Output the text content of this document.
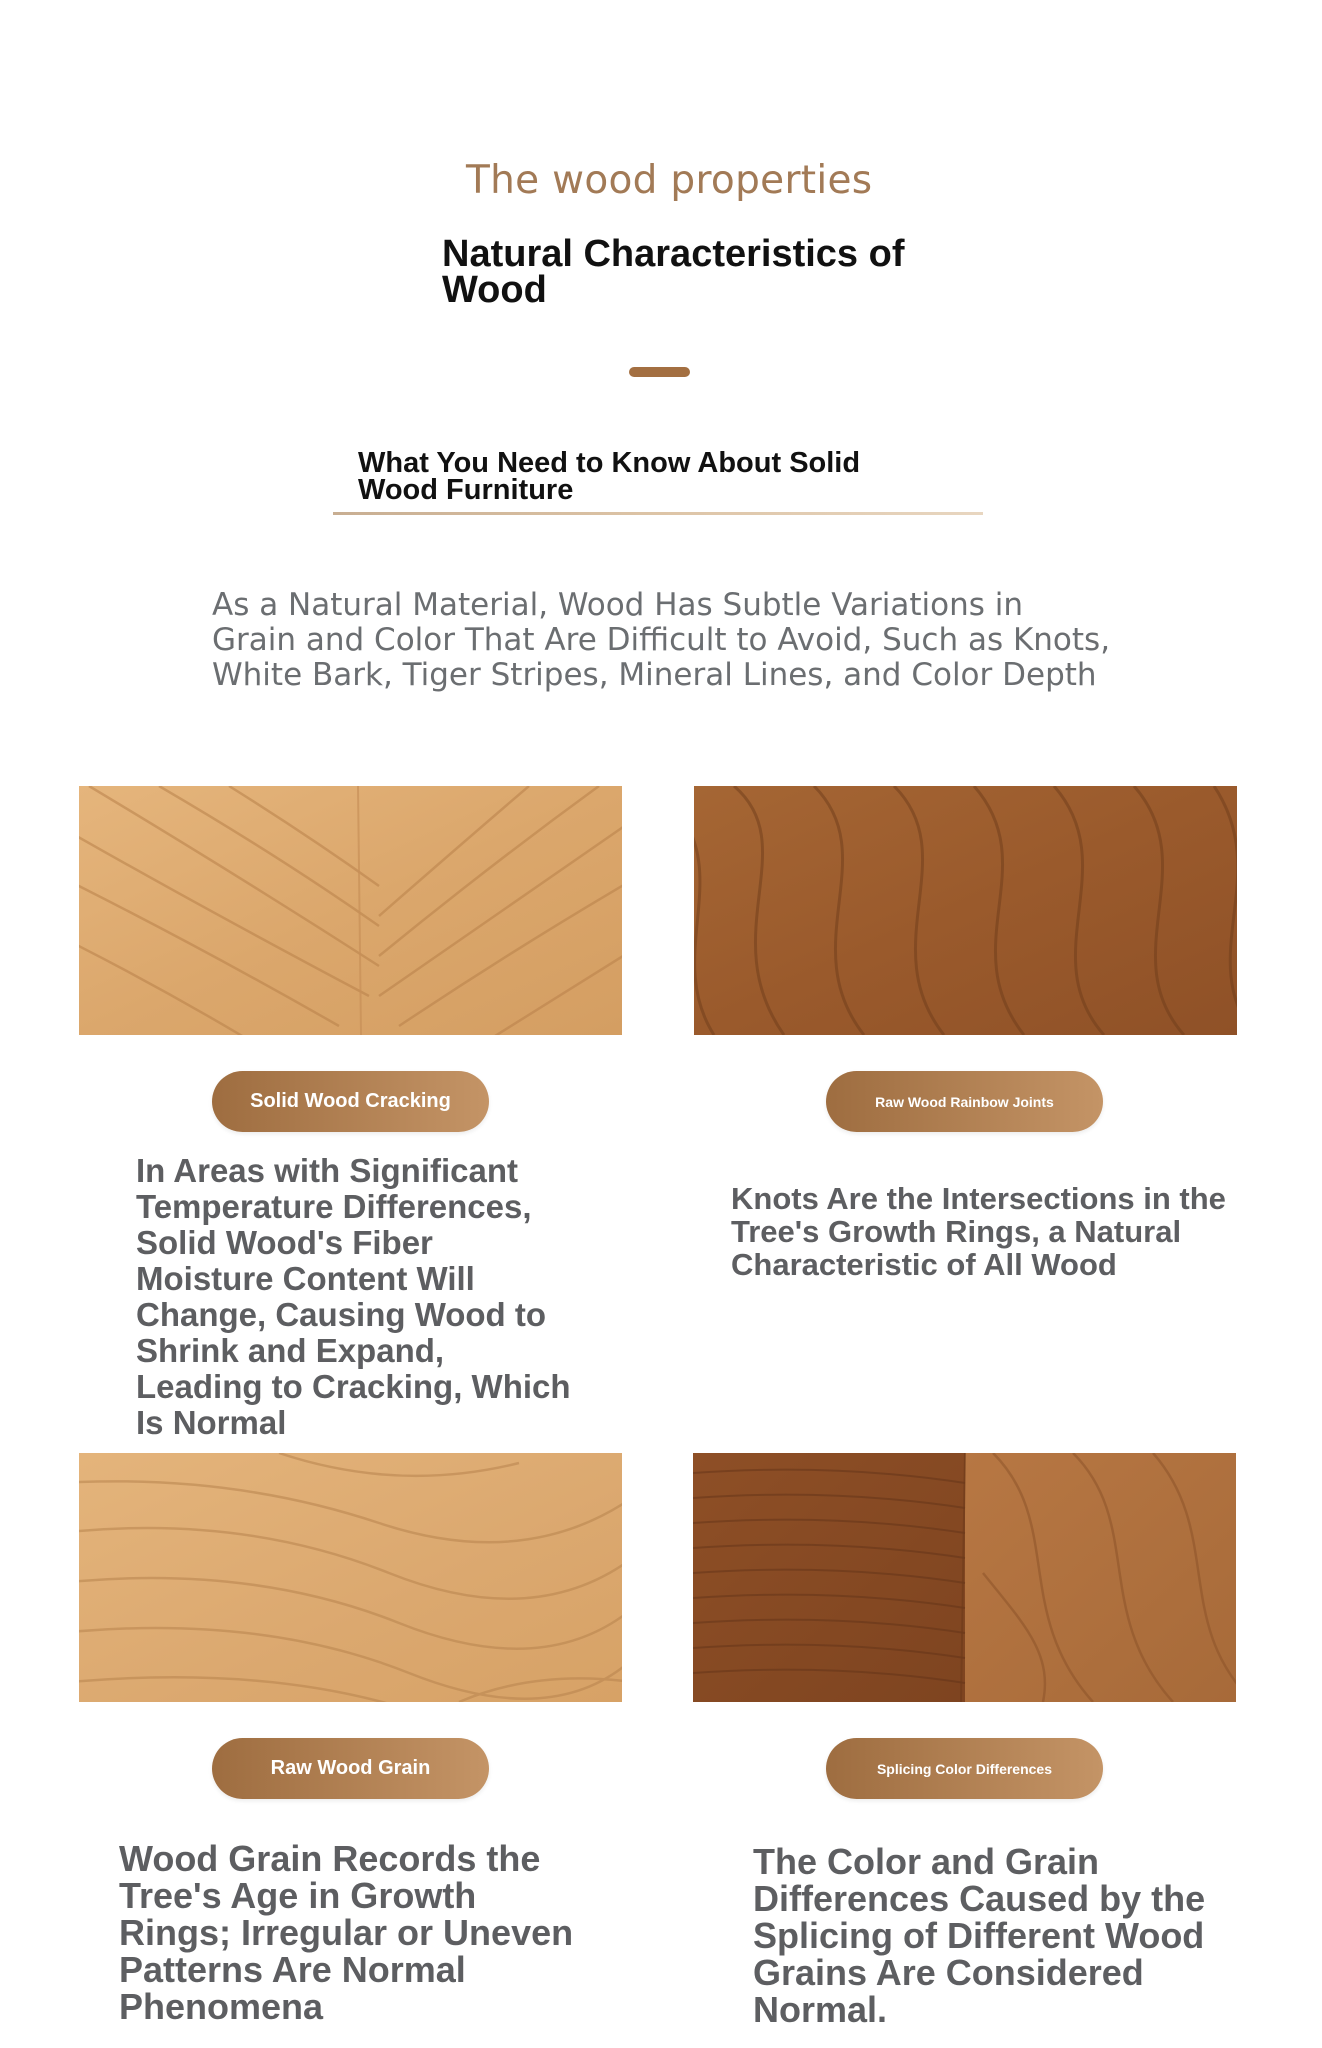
The wood properties
Natural Characteristics of Wood
What You Need to Know About Solid Wood Furniture
As a Natural Material, Wood Has Subtle Variations in Grain and Color That Are Difficult to Avoid, Such as Knots, White Bark, Tiger Stripes, Mineral Lines, and Color Depth
Solid Wood Cracking
In Areas with Significant Temperature Differences, Solid Wood's Fiber Moisture Content Will Change, Causing Wood to Shrink and Expand, Leading to Cracking, Which Is Normal
Raw Wood Rainbow Joints
Knots Are the Intersections in the Tree's Growth Rings, a Natural Characteristic of All Wood
Raw Wood Grain
Wood Grain Records the Tree's Age in Growth Rings; Irregular or Uneven Patterns Are Normal Phenomena
Splicing Color Differences
The Color and Grain Differences Caused by the Splicing of Different Wood Grains Are Considered Normal.
